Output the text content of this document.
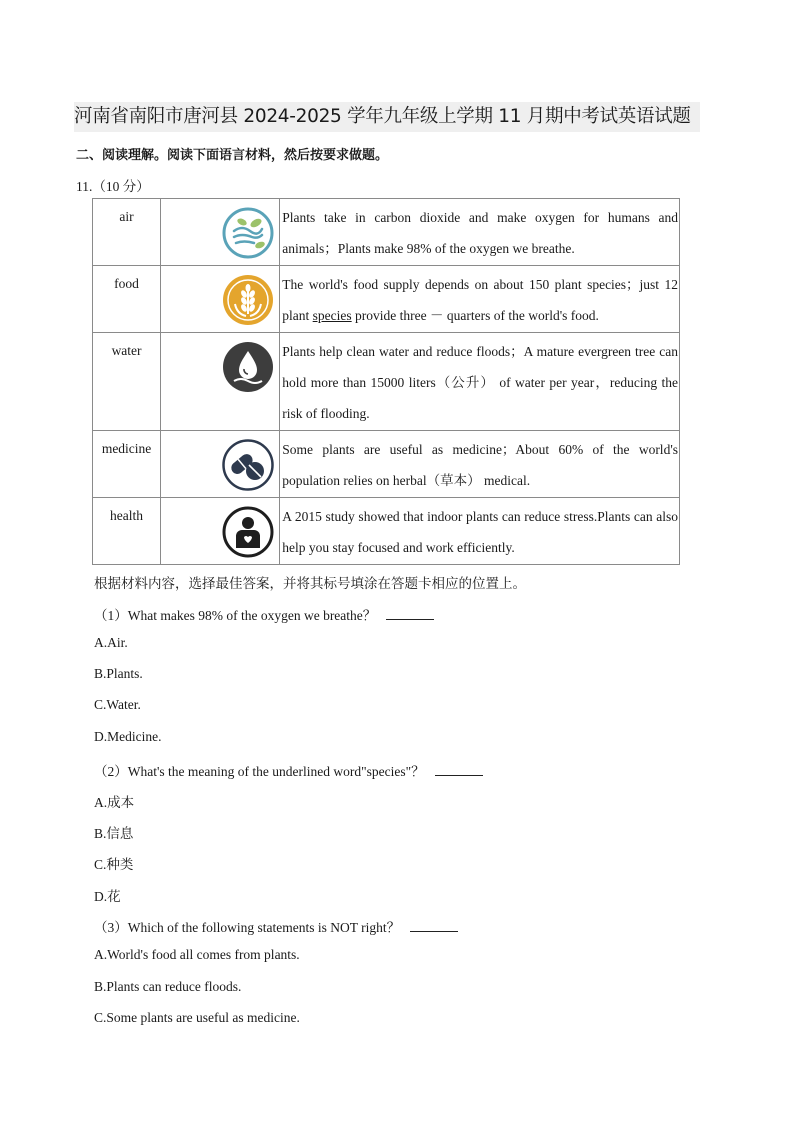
河南省南阳市唐河县 2024-2025 学年九年级上学期 11 月期中考试英语试题
二、阅读理解。阅读下面语言材料，然后按要求做题。
11.（10 分）
air		Plants take in carbon dioxide and make oxygen for humans and animals；Plants make 98% of the oxygen we breathe.
food		The world's food supply depends on about 150 plant species；just 12 plant species provide three － quarters of the world's food.
water		Plants help clean water and reduce floods；A mature evergreen tree can hold more than 15000 liters（公升） of water per year，reducing the risk of flooding.
medicine		Some plants are useful as medicine；About 60% of the world's population relies on herbal（草本） medical.
health		A 2015 study showed that indoor plants can reduce stress.Plants can also help you stay focused and work efficiently.
根据材料内容，选择最佳答案，并将其标号填涂在答题卡相应的位置上。
（1）What makes 98% of the oxygen we breathe？
A.Air.
B.Plants.
C.Water.
D.Medicine.
（2）What's the meaning of the underlined word"species"？
A.成本
B.信息
C.种类
D.花
（3）Which of the following statements is NOT right？
A.World's food all comes from plants.
B.Plants can reduce floods.
C.Some plants are useful as medicine.
